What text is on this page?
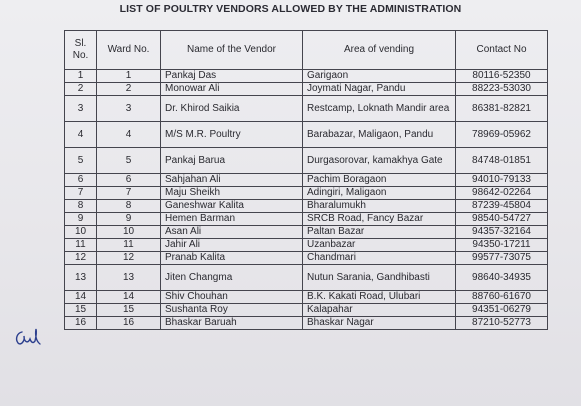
LIST OF POULTRY VENDORS ALLOWED BY THE ADMINISTRATION
Sl. No.	Ward No.	Name of the Vendor	Area of vending	Contact No
1	1	Pankaj Das	Garigaon	80116-52350
2	2	Monowar Ali	Joymati Nagar, Pandu	88223-53030
3	3	Dr. Khirod Saikia	Restcamp, Loknath Mandir area	86381-82821
4	4	M/S M.R. Poultry	Barabazar, Maligaon, Pandu	78969-05962
5	5	Pankaj Barua	Durgasorovar, kamakhya Gate	84748-01851
6	6	Sahjahan Ali	Pachim Boragaon	94010-79133
7	7	Maju Sheikh	Adingiri, Maligaon	98642-02264
8	8	Ganeshwar Kalita	Bharalumukh	87239-45804
9	9	Hemen Barman	SRCB Road, Fancy Bazar	98540-54727
10	10	Asan Ali	Paltan Bazar	94357-32164
11	11	Jahir Ali	Uzanbazar	94350-17211
12	12	Pranab Kalita	Chandmari	99577-73075
13	13	Jiten Changma	Nutun Sarania, Gandhibasti	98640-34935
14	14	Shiv Chouhan	B.K. Kakati Road, Ulubari	88760-61670
15	15	Sushanta Roy	Kalapahar	94351-06279
16	16	Bhaskar Baruah	Bhaskar Nagar	87210-52773
